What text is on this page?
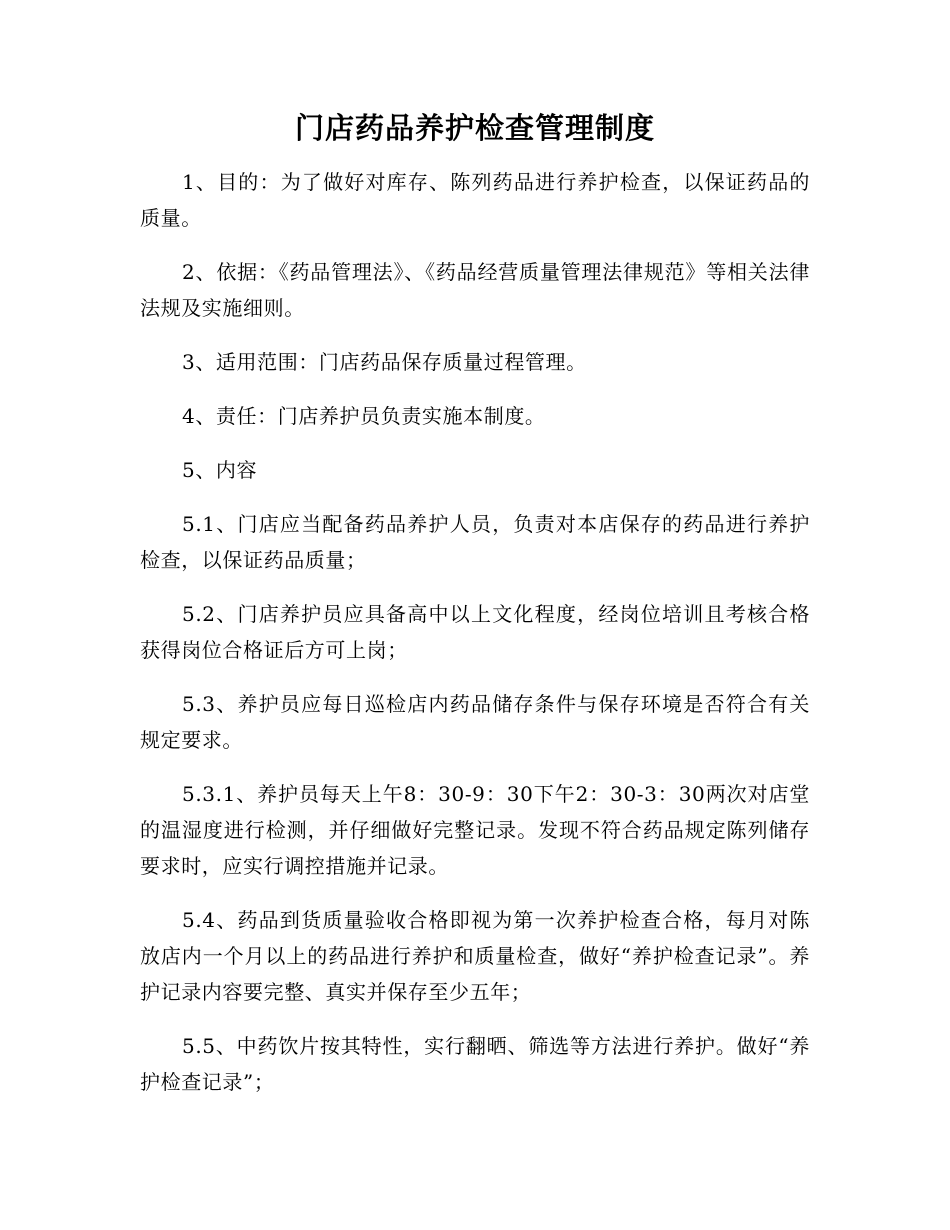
门店药品养护检查管理制度

1、目的：为了做好对库存、陈列药品进行养护检查，以保证药品的质量。

2、依据：《药品管理法》、《药品经营质量管理法律规范》等相关法律法规及实施细则。

3、适用范围：门店药品保存质量过程管理。

4、责任：门店养护员负责实施本制度。

5、内容

5.1、门店应当配备药品养护人员，负责对本店保存的药品进行养护检查，以保证药品质量；

5.2、门店养护员应具备高中以上文化程度，经岗位培训且考核合格获得岗位合格证后方可上岗；

5.3、养护员应每日巡检店内药品储存条件与保存环境是否符合有关规定要求。

5.3.1、养护员每天上午8：30-9：30下午2：30-3：30两次对店堂的温湿度进行检测，并仔细做好完整记录。发现不符合药品规定陈列储存要求时，应实行调控措施并记录。

5.4、药品到货质量验收合格即视为第一次养护检查合格，每月对陈放店内一个月以上的药品进行养护和质量检查，做好“养护检查记录”。养护记录内容要完整、真实并保存至少五年；

5.5、中药饮片按其特性，实行翻晒、筛选等方法进行养护。做好“养护检查记录”；
